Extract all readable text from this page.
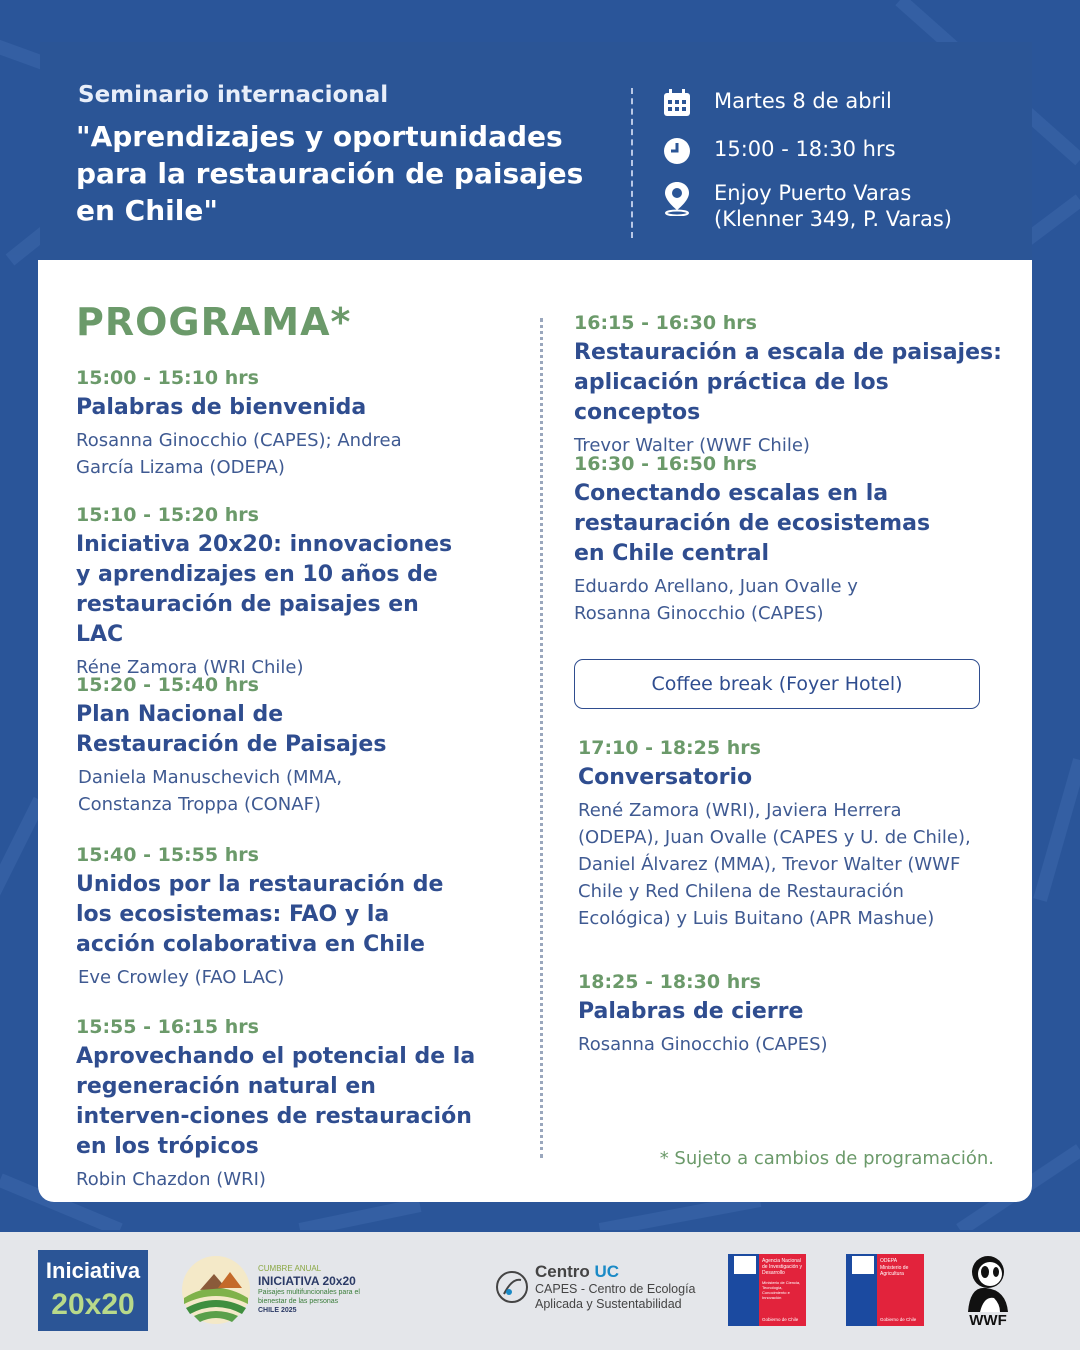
Seminario internacional
"Aprendizajes y oportunidades para la restauración de paisajes en Chile"
Martes 8 de abril
15:00 - 18:30 hrs
Enjoy Puerto Varas
(Klenner 349, P. Varas)
PROGRAMA*
15:00 - 15:10 hrs
Palabras de bienvenida
Rosanna Ginocchio (CAPES); Andrea García Lizama (ODEPA)
15:10 - 15:20 hrs
Iniciativa 20x20: innovaciones y aprendizajes en 10 años de restauración de paisajes en LAC
Réne Zamora (WRI Chile)
15:20 - 15:40 hrs
Plan Nacional de Restauración de Paisajes
Daniela Manuschevich (MMA, Constanza Troppa (CONAF)
15:40 - 15:55 hrs
Unidos por la restauración de los ecosistemas: FAO y la acción colaborativa en Chile
Eve Crowley (FAO LAC)
15:55 - 16:15 hrs
Aprovechando el potencial de la regeneración natural en interven-ciones de restauración en los trópicos
Robin Chazdon (WRI)
16:15 - 16:30 hrs
Restauración a escala de paisajes: aplicación práctica de los conceptos
Trevor Walter (WWF Chile)
16:30 - 16:50 hrs
Conectando escalas en la restauración de ecosistemas en Chile central
Eduardo Arellano, Juan Ovalle y Rosanna Ginocchio (CAPES)
Coffee break (Foyer Hotel)
17:10 - 18:25 hrs
Conversatorio
René Zamora (WRI), Javiera Herrera (ODEPA), Juan Ovalle (CAPES y U. de Chile), Daniel Álvarez (MMA), Trevor Walter (WWF Chile y Red Chilena de Restauración Ecológica) y Luis Buitano (APR Mashue)
18:25 - 18:30 hrs
Palabras de cierre
Rosanna Ginocchio (CAPES)
* Sujeto a cambios de programación.
Iniciativa
20x20
CUMBRE ANUAL
INICIATIVA 20x20
Paisajes multifuncionales para el bienestar de las personas
CHILE 2025
Centro UC
CAPES - Centro de Ecología
Aplicada y Sustentabilidad
Agencia Nacional de Investigación y Desarrollo
Ministerio de Ciencia, Tecnología, Conocimiento e Innovación
Gobierno de Chile
ODEPA
Ministerio de Agricultura
Gobierno de Chile	WWF
